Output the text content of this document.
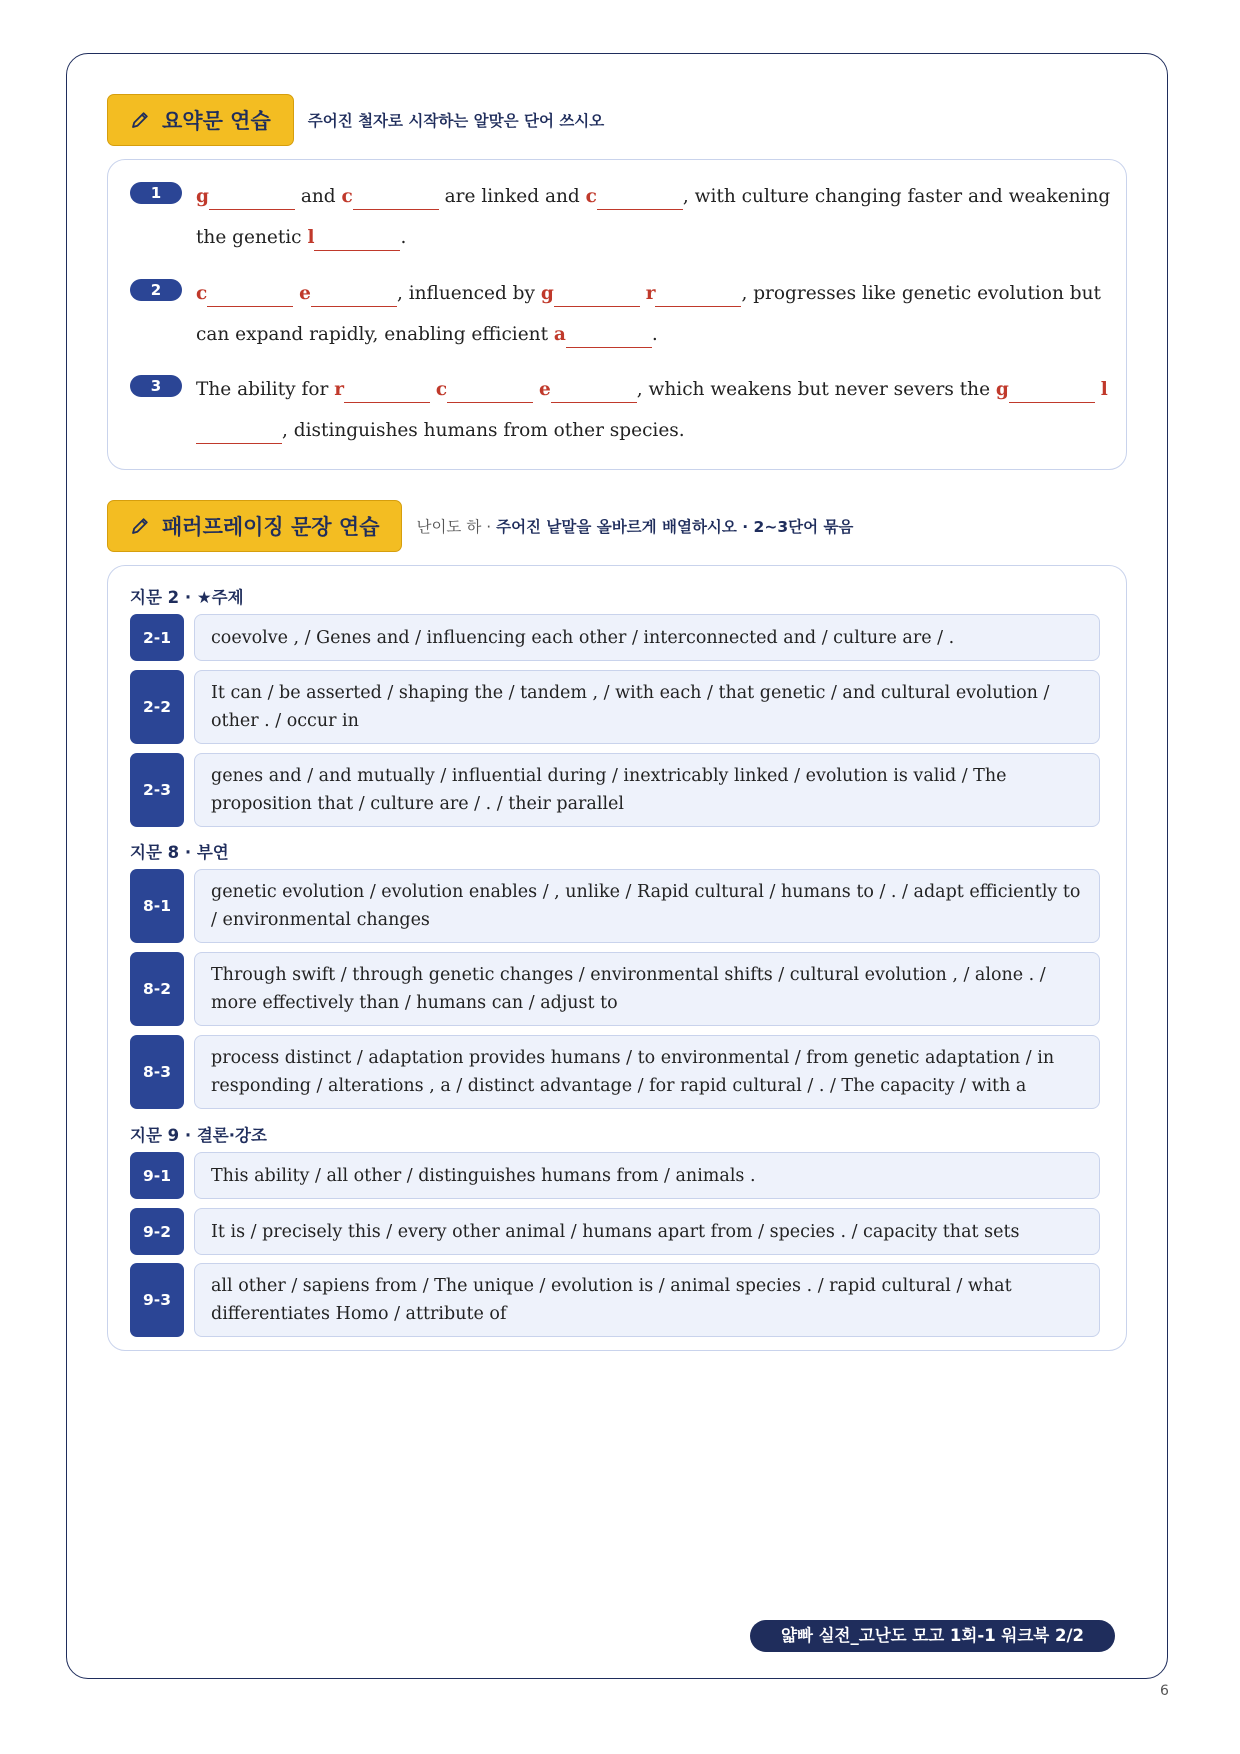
요약문 연습 주어진 철자로 시작하는 알맞은 단어 쓰시오
1	g	and c	are linked and c	, with culture changing faster and weakening the genetic l	.
2	c	e	, influenced by g	r	, progresses like genetic evolution but can expand rapidly, enabling efficient a	.
3	The ability for r	c	e	, which weakens but never severs the g	l, distinguishes humans from other species.
패러프레이징 문장 연습 난이도 하 · 주어진 낱말을 올바르게 배열하시오 · 2~3단어 묶음
지문 2 · ★주제
2-1	coevolve , / Genes and / influencing each other / interconnected and / culture are / .
2-2
It can / be asserted / shaping the / tandem , / with each / that genetic / and cultural evolution / other . / occur in
2-3
genes and / and mutually / influential during / inextricably linked / evolution is valid / The proposition that / culture are / . / their parallel
지문 8 · 부연
8-1
genetic evolution / evolution enables / , unlike / Rapid cultural / humans to / . / adapt efficiently to / environmental changes
8-2
Through swift / through genetic changes / environmental shifts / cultural evolution , / alone . / more effectively than / humans can / adjust to
8-3
process distinct / adaptation provides humans / to environmental / from genetic adaptation / in responding / alterations , a / distinct advantage / for rapid cultural / . / The capacity / with a
지문 9 · 결론·강조
9-1	This ability / all other / distinguishes humans from / animals .
9-2	It is / precisely this / every other animal / humans apart from / species . / capacity that sets
9-3
all other / sapiens from / The unique / evolution is / animal species . / rapid cultural / what differentiates Homo / attribute of
얇빠 실전_고난도 모고 1회-1 워크북 2/2
6
